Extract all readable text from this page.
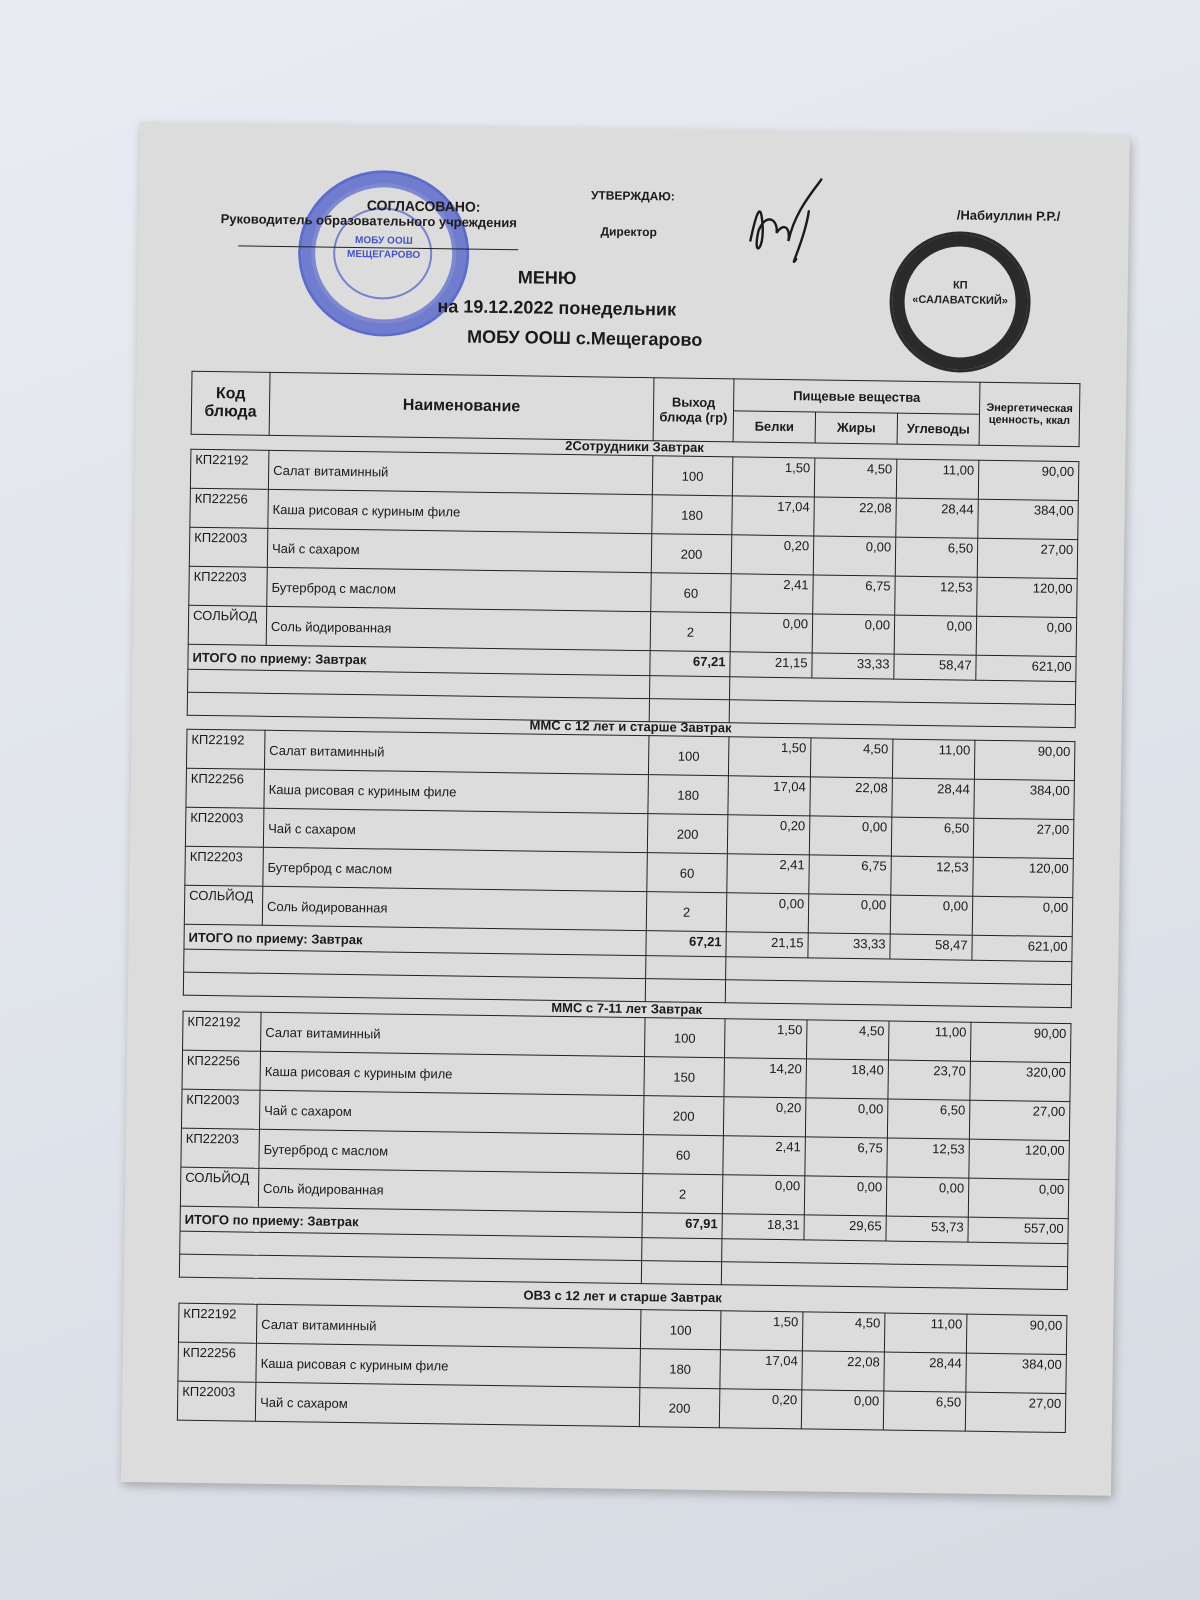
МОБУ ООШ
МЕЩЕГАРОВО
СОГЛАСОВАНО:
Руководитель образовательного учреждения
УТВЕРЖДАЮ:
Директор
/Набиуллин Р.Р./
КП
«САЛАВАТСКИЙ»
МЕНЮ
на 19.12.2022 понедельник
МОБУ ООШ с.Мещегарово
Код блюда	Наименование	Выход блюда (гр)	Пищевые вещества			Энергетическая ценность, ккал
			Белки	Жиры	Углеводы	
2Сотрудники Завтрак
КП22192	Салат витаминный	100	1,50	4,50	11,00	90,00
КП22256	Каша рисовая с куриным филе	180	17,04	22,08	28,44	384,00
КП22003	Чай с сахаром	200	0,20	0,00	6,50	27,00
КП22203	Бутерброд с маслом	60	2,41	6,75	12,53	120,00
СОЛЬЙОД	Соль йодированная	2	0,00	0,00	0,00	0,00
ИТОГО по приему: Завтрак		67,21	21,15	33,33	58,47	621,00

ММС с 12 лет и старше Завтрак
КП22192	Салат витаминный	100	1,50	4,50	11,00	90,00
КП22256	Каша рисовая с куриным филе	180	17,04	22,08	28,44	384,00
КП22003	Чай с сахаром	200	0,20	0,00	6,50	27,00
КП22203	Бутерброд с маслом	60	2,41	6,75	12,53	120,00
СОЛЬЙОД	Соль йодированная	2	0,00	0,00	0,00	0,00
ИТОГО по приему: Завтрак		67,21	21,15	33,33	58,47	621,00

ММС с 7-11 лет Завтрак
КП22192	Салат витаминный	100	1,50	4,50	11,00	90,00
КП22256	Каша рисовая с куриным филе	150	14,20	18,40	23,70	320,00
КП22003	Чай с сахаром	200	0,20	0,00	6,50	27,00
КП22203	Бутерброд с маслом	60	2,41	6,75	12,53	120,00
СОЛЬЙОД	Соль йодированная	2	0,00	0,00	0,00	0,00
ИТОГО по приему: Завтрак		67,91	18,31	29,65	53,73	557,00

ОВЗ с 12 лет и старше Завтрак
КП22192	Салат витаминный	100	1,50	4,50	11,00	90,00
КП22256	Каша рисовая с куриным филе	180	17,04	22,08	28,44	384,00
КП22003	Чай с сахаром	200	0,20	0,00	6,50	27,00
